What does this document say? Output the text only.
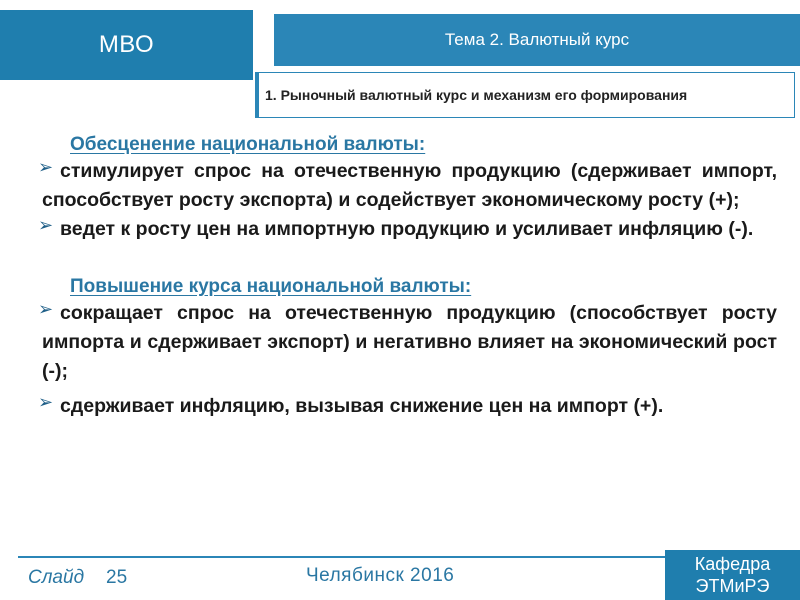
МВО	Тема 2. Валютный курс
1. Рыночный валютный курс и механизм его формирования
Обесценение национальной валюты:
➢ стимулирует спрос на отечественную продукцию (сдерживает импорт, способствует росту экспорта) и содействует экономическому росту (+);
➢ ведет к росту цен на импортную продукцию и усиливает инфляцию (-).
Повышение курса национальной валюты:
➢ сокращает спрос на отечественную продукцию (способствует росту импорта и сдерживает экспорт) и негативно влияет на экономический рост (-);
➢ сдерживает инфляцию, вызывая снижение цен на импорт (+).
Слайд 25	Челябинск 2016
Кафедра
ЭТМиРЭ
